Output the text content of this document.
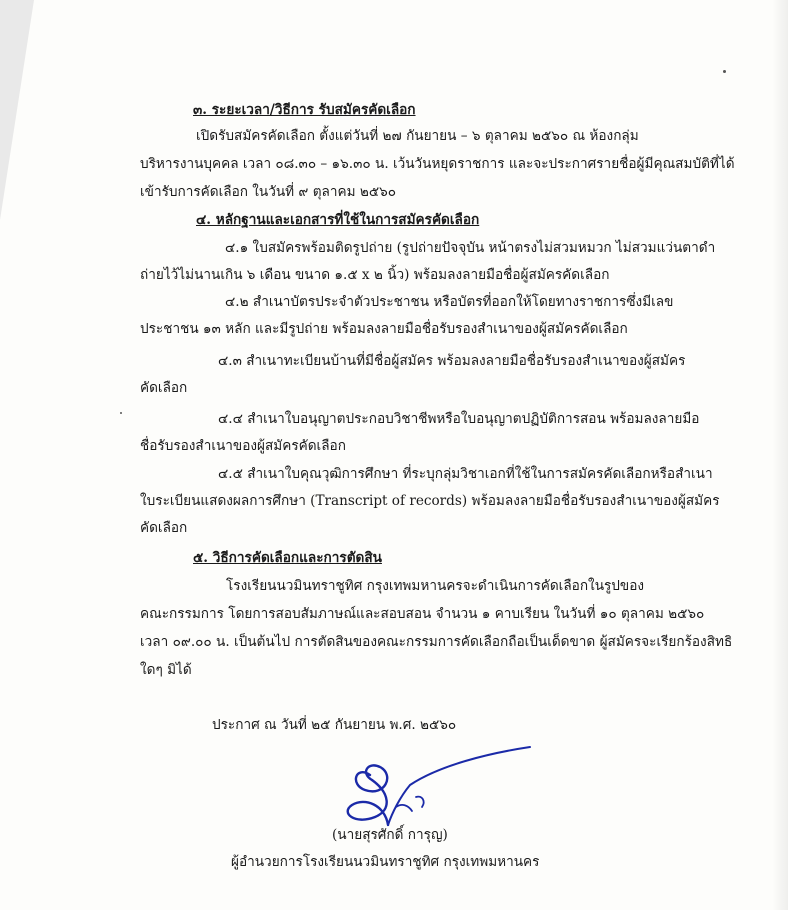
๓. ระยะเวลา/วิธีการ รับสมัครคัดเลือก
เปิดรับสมัครคัดเลือก ตั้งแต่วันที่ ๒๗ กันยายน – ๖ ตุลาคม ๒๕๖๐ ณ ห้องกลุ่ม
บริหารงานบุคคล เวลา ๐๘.๓๐ – ๑๖.๓๐ น. เว้นวันหยุดราชการ และจะประกาศรายชื่อผู้มีคุณสมบัติที่ได้
เข้ารับการคัดเลือก ในวันที่ ๙ ตุลาคม ๒๕๖๐
๔. หลักฐานและเอกสารที่ใช้ในการสมัครคัดเลือก
๔.๑ ใบสมัครพร้อมติดรูปถ่าย (รูปถ่ายปัจจุบัน หน้าตรงไม่สวมหมวก ไม่สวมแว่นตาดำ
ถ่ายไว้ไม่นานเกิน ๖ เดือน ขนาด ๑.๕ x ๒ นิ้ว) พร้อมลงลายมือชื่อผู้สมัครคัดเลือก
๔.๒ สำเนาบัตรประจำตัวประชาชน หรือบัตรที่ออกให้โดยทางราชการซึ่งมีเลข
ประชาชน ๑๓ หลัก และมีรูปถ่าย พร้อมลงลายมือชื่อรับรองสำเนาของผู้สมัครคัดเลือก
๔.๓ สำเนาทะเบียนบ้านที่มีชื่อผู้สมัคร พร้อมลงลายมือชื่อรับรองสำเนาของผู้สมัคร
คัดเลือก
๔.๔ สำเนาใบอนุญาตประกอบวิชาชีพหรือใบอนุญาตปฏิบัติการสอน พร้อมลงลายมือ
ชื่อรับรองสำเนาของผู้สมัครคัดเลือก
๔.๕ สำเนาใบคุณวุฒิการศึกษา ที่ระบุกลุ่มวิชาเอกที่ใช้ในการสมัครคัดเลือกหรือสำเนา
ใบระเบียนแสดงผลการศึกษา (Transcript of records) พร้อมลงลายมือชื่อรับรองสำเนาของผู้สมัคร
คัดเลือก
๕. วิธีการคัดเลือกและการตัดสิน
โรงเรียนนวมินทราชูทิศ กรุงเทพมหานครจะดำเนินการคัดเลือกในรูปของ
คณะกรรมการ โดยการสอบสัมภาษณ์และสอบสอน จำนวน ๑ คาบเรียน ในวันที่ ๑๐ ตุลาคม ๒๕๖๐
เวลา ๐๙.๐๐ น. เป็นต้นไป การตัดสินของคณะกรรมการคัดเลือกถือเป็นเด็ดขาด ผู้สมัครจะเรียกร้องสิทธิ
ใดๆ มิได้
ประกาศ ณ วันที่ ๒๕ กันยายน พ.ศ. ๒๕๖๐
(นายสุรศักดิ์ การุญ)
ผู้อำนวยการโรงเรียนนวมินทราชูทิศ กรุงเทพมหานคร
